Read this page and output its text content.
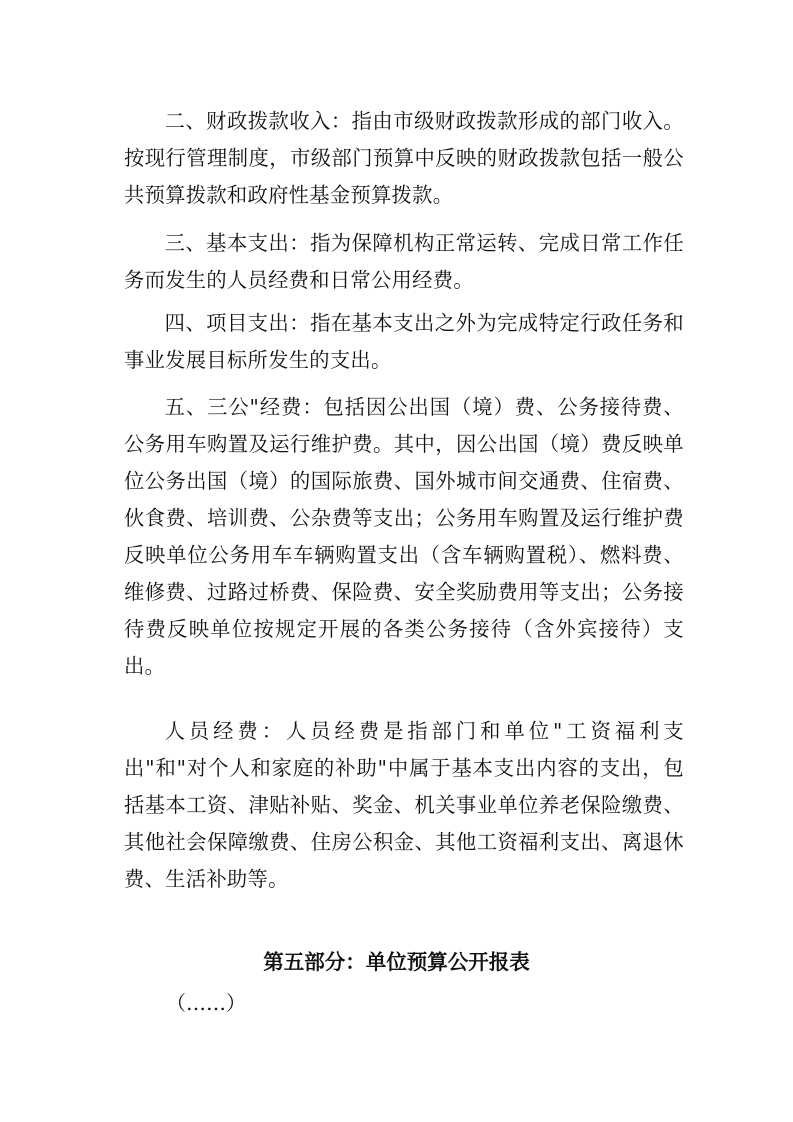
二、财政拨款收入：指由市级财政拨款形成的部门收入。按现行管理制度，市级部门预算中反映的财政拨款包括一般公共预算拨款和政府性基金预算拨款。

三、基本支出：指为保障机构正常运转、完成日常工作任务而发生的人员经费和日常公用经费。

四、项目支出：指在基本支出之外为完成特定行政任务和事业发展目标所发生的支出。

五、三公"经费：包括因公出国（境）费、公务接待费、公务用车购置及运行维护费。其中，因公出国（境）费反映单位公务出国（境）的国际旅费、国外城市间交通费、住宿费、伙食费、培训费、公杂费等支出；公务用车购置及运行维护费反映单位公务用车车辆购置支出（含车辆购置税）、燃料费、维修费、过路过桥费、保险费、安全奖励费用等支出；公务接待费反映单位按规定开展的各类公务接待（含外宾接待）支出。

人员经费：人员经费是指部门和单位"工资福利支出"和"对个人和家庭的补助"中属于基本支出内容的支出，包括基本工资、津贴补贴、奖金、机关事业单位养老保险缴费、其他社会保障缴费、住房公积金、其他工资福利支出、离退休费、生活补助等。

第五部分：单位预算公开报表

（……）
